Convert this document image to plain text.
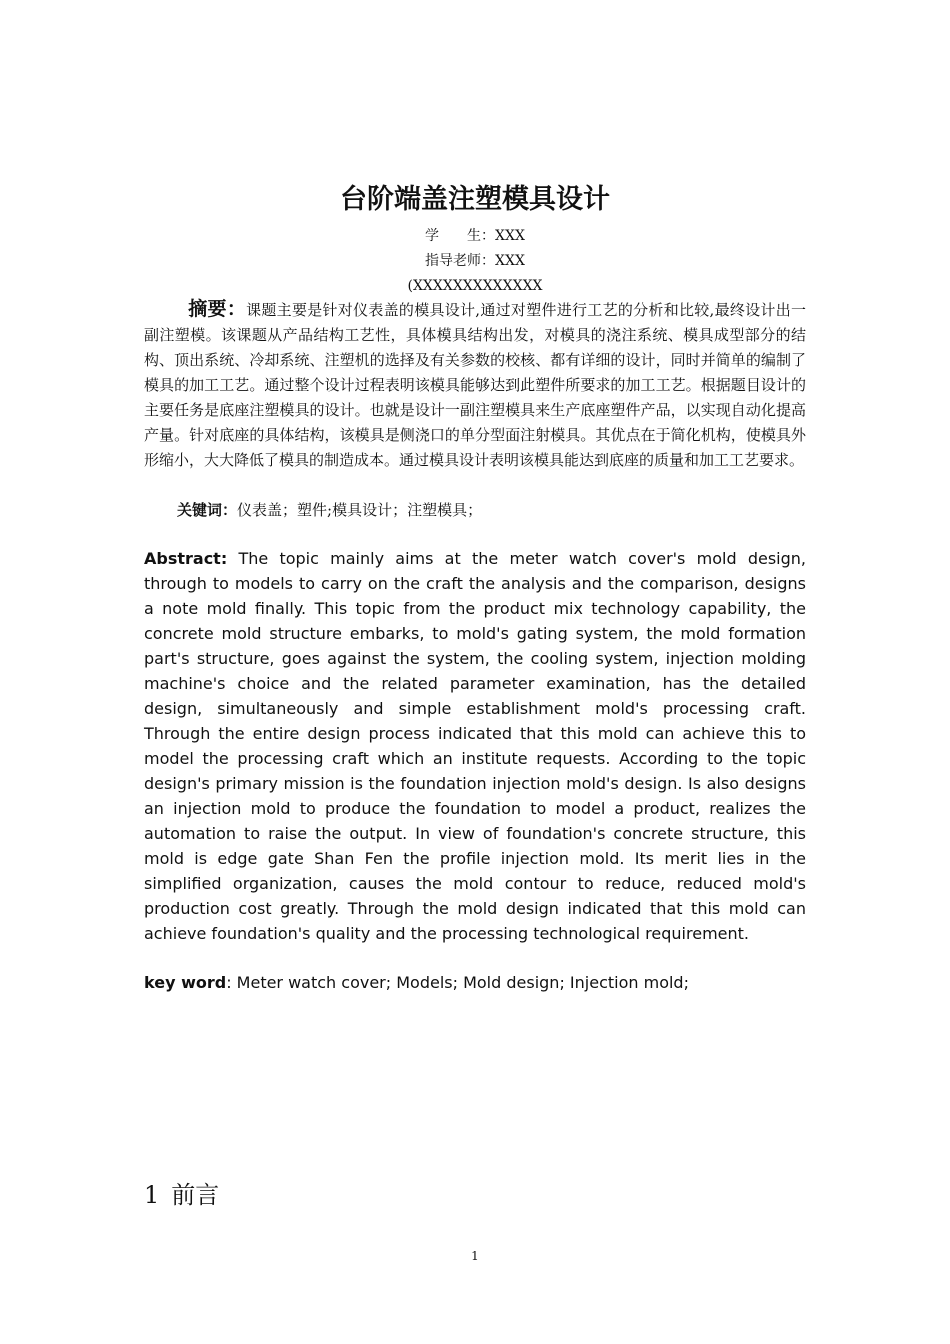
台阶端盖注塑模具设计
学　　生：XXX
指导老师：XXX
(XXXXXXXXXXXXX
摘要：课题主要是针对仪表盖的模具设计,通过对塑件进行工艺的分析和比较,最终设计出一副注塑模。该课题从产品结构工艺性，具体模具结构出发，对模具的浇注系统、模具成型部分的结构、顶出系统、冷却系统、注塑机的选择及有关参数的校核、都有详细的设计，同时并简单的编制了模具的加工工艺。通过整个设计过程表明该模具能够达到此塑件所要求的加工工艺。根据题目设计的主要任务是底座注塑模具的设计。也就是设计一副注塑模具来生产底座塑件产品，以实现自动化提高产量。针对底座的具体结构，该模具是侧浇口的单分型面注射模具。其优点在于简化机构，使模具外形缩小，大大降低了模具的制造成本。通过模具设计表明该模具能达到底座的质量和加工工艺要求。
关键词：仪表盖；塑件;模具设计；注塑模具；
Abstract: The topic mainly aims at the meter watch cover's mold design, through to models to carry on the craft the analysis and the comparison, designs a note mold finally. This topic from the product mix technology capability, the concrete mold structure embarks, to mold's gating system, the mold formation part's structure, goes against the system, the cooling system, injection molding machine's choice and the related parameter examination, has the detailed design, simultaneously and simple establishment mold's processing craft. Through the entire design process indicated that this mold can achieve this to model the processing craft which an institute requests. According to the topic design's primary mission is the foundation injection mold's design. Is also designs an injection mold to produce the foundation to model a product, realizes the automation to raise the output. In view of foundation's concrete structure, this mold is edge gate Shan Fen the profile injection mold. Its merit lies in the simplified organization, causes the mold contour to reduce, reduced mold's production cost greatly. Through the mold design indicated that this mold can achieve foundation's quality and the processing technological requirement.
key word: Meter watch cover; Models; Mold design; Injection mold;
1 前言
1
